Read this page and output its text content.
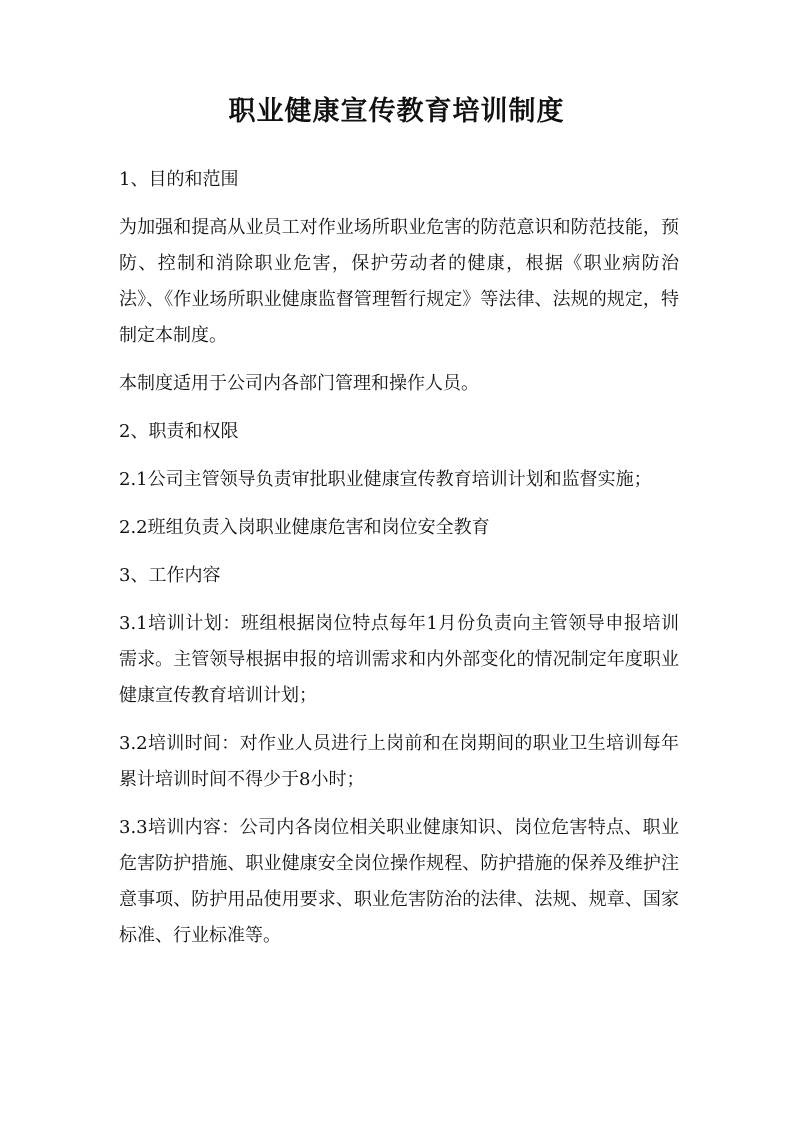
职业健康宣传教育培训制度

1、目的和范围

为加强和提高从业员工对作业场所职业危害的防范意识和防范技能，预防、控制和消除职业危害，保护劳动者的健康，根据《职业病防治法》、《作业场所职业健康监督管理暂行规定》等法律、法规的规定，特制定本制度。

本制度适用于公司内各部门管理和操作人员。

2、职责和权限

2.1公司主管领导负责审批职业健康宣传教育培训计划和监督实施；

2.2班组负责入岗职业健康危害和岗位安全教育

3、工作内容

3.1培训计划：班组根据岗位特点每年1月份负责向主管领导申报培训需求。主管领导根据申报的培训需求和内外部变化的情况制定年度职业健康宣传教育培训计划；

3.2培训时间：对作业人员进行上岗前和在岗期间的职业卫生培训每年累计培训时间不得少于8小时；

3.3培训内容：公司内各岗位相关职业健康知识、岗位危害特点、职业危害防护措施、职业健康安全岗位操作规程、防护措施的保养及维护注意事项、防护用品使用要求、职业危害防治的法律、法规、规章、国家标准、行业标准等。
